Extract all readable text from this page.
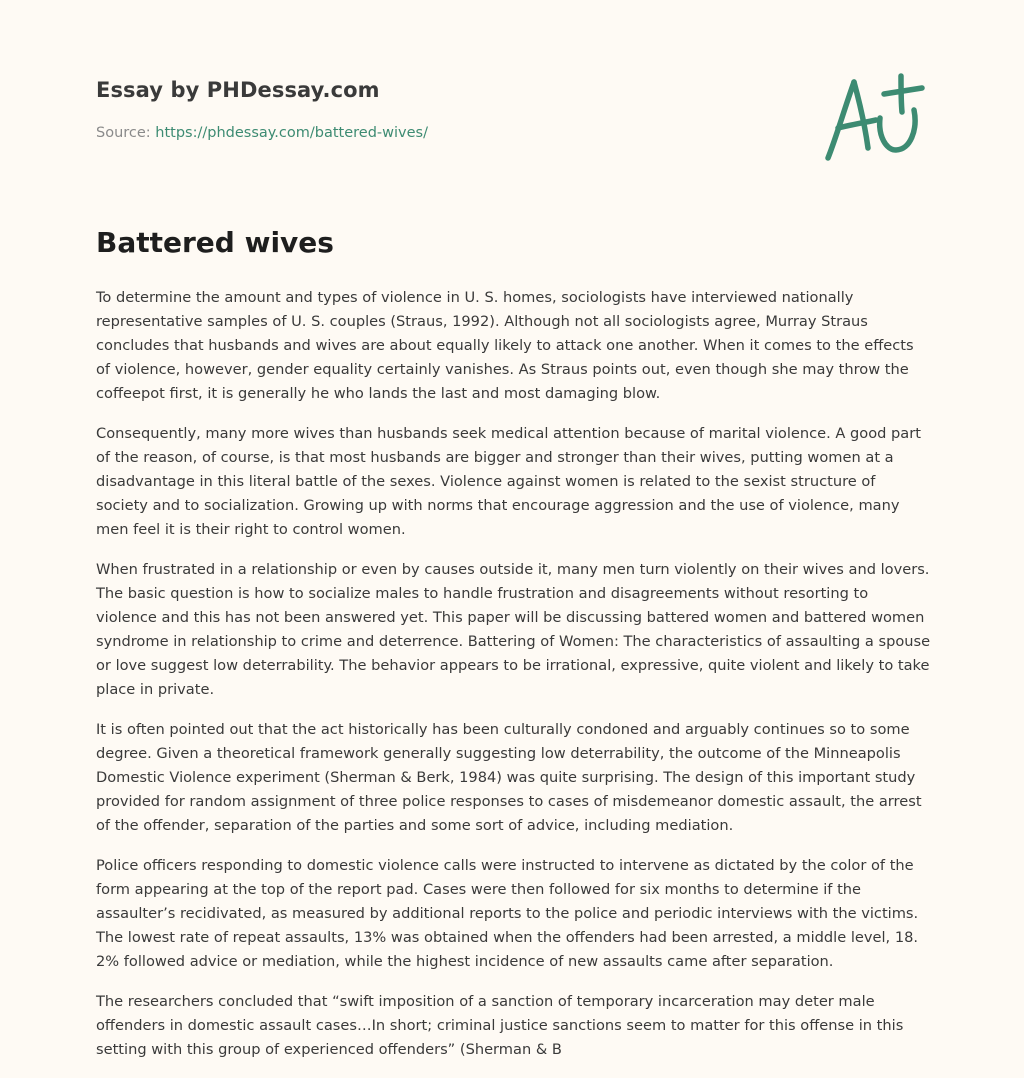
Essay by PHDessay.com
Source: https://phdessay.com/battered-wives/
Battered wives

To determine the amount and types of violence in U. S. homes, sociologists have interviewed nationally representative samples of U. S. couples (Straus, 1992). Although not all sociologists agree, Murray Straus concludes that husbands and wives are about equally likely to attack one another. When it comes to the effects of violence, however, gender equality certainly vanishes. As Straus points out, even though she may throw the coffeepot first, it is generally he who lands the last and most damaging blow.

Consequently, many more wives than husbands seek medical attention because of marital violence. A good part of the reason, of course, is that most husbands are bigger and stronger than their wives, putting women at a disadvantage in this literal battle of the sexes. Violence against women is related to the sexist structure of society and to socialization. Growing up with norms that encourage aggression and the use of violence, many men feel it is their right to control women.

When frustrated in a relationship or even by causes outside it, many men turn violently on their wives and lovers. The basic question is how to socialize males to handle frustration and disagreements without resorting to violence and this has not been answered yet. This paper will be discussing battered women and battered women syndrome in relationship to crime and deterrence. Battering of Women: The characteristics of assaulting a spouse or love suggest low deterrability. The behavior appears to be irrational, expressive, quite violent and likely to take place in private.

It is often pointed out that the act historically has been culturally condoned and arguably continues so to some degree. Given a theoretical framework generally suggesting low deterrability, the outcome of the Minneapolis Domestic Violence experiment (Sherman & Berk, 1984) was quite surprising. The design of this important study provided for random assignment of three police responses to cases of misdemeanor domestic assault, the arrest of the offender, separation of the parties and some sort of advice, including mediation.

Police officers responding to domestic violence calls were instructed to intervene as dictated by the color of the form appearing at the top of the report pad. Cases were then followed for six months to determine if the assaulter’s recidivated, as measured by additional reports to the police and periodic interviews with the victims. The lowest rate of repeat assaults, 13% was obtained when the offenders had been arrested, a middle level, 18. 2% followed advice or mediation, while the highest incidence of new assaults came after separation.

The researchers concluded that “swift imposition of a sanction of temporary incarceration may deter male offenders in domestic assault cases…In short; criminal justice sanctions seem to matter for this offense in this setting with this group of experienced offenders” (Sherman & B
